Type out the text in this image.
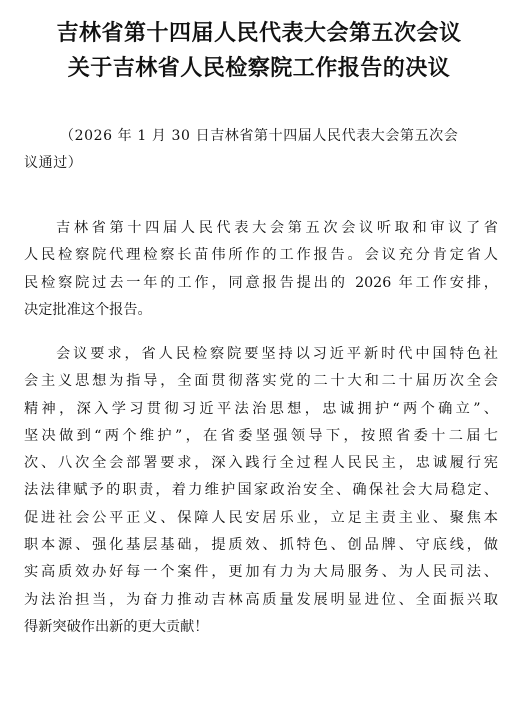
吉林省第十四届人民代表大会第五次会议
关于吉林省人民检察院工作报告的决议
（2026 年 1 月 30 日吉林省第十四届人民代表大会第五次会
议通过）
吉林省第十四届人民代表大会第五次会议听取和审议了省
人民检察院代理检察长苗伟所作的工作报告。会议充分肯定省人
民检察院过去一年的工作，同意报告提出的 2026 年工作安排，
决定批准这个报告。
会议要求，省人民检察院要坚持以习近平新时代中国特色社
会主义思想为指导，全面贯彻落实党的二十大和二十届历次全会
精神，深入学习贯彻习近平法治思想，忠诚拥护“两个确立”、
坚决做到“两个维护”，在省委坚强领导下，按照省委十二届七
次、八次全会部署要求，深入践行全过程人民民主，忠诚履行宪
法法律赋予的职责，着力维护国家政治安全、确保社会大局稳定、
促进社会公平正义、保障人民安居乐业，立足主责主业、聚焦本
职本源、强化基层基础，提质效、抓特色、创品牌、守底线，做
实高质效办好每一个案件，更加有力为大局服务、为人民司法、
为法治担当，为奋力推动吉林高质量发展明显进位、全面振兴取
得新突破作出新的更大贡献！
